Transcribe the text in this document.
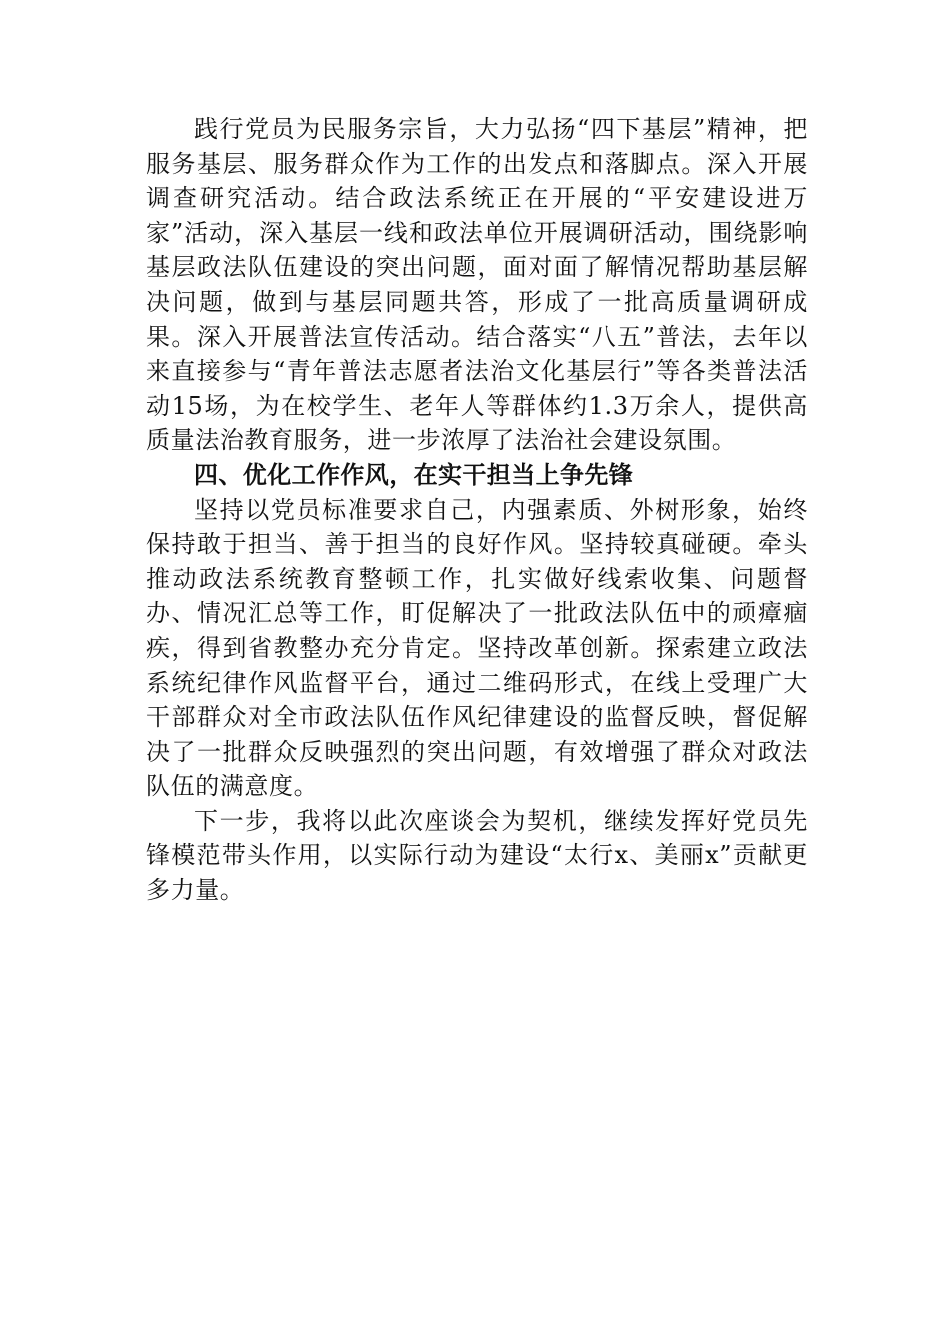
践行党员为民服务宗旨，大力弘扬“四下基层”精神，把服务基层、服务群众作为工作的出发点和落脚点。深入开展调查研究活动。结合政法系统正在开展的“平安建设进万家”活动，深入基层一线和政法单位开展调研活动，围绕影响基层政法队伍建设的突出问题，面对面了解情况帮助基层解决问题，做到与基层同题共答，形成了一批高质量调研成果。深入开展普法宣传活动。结合落实“八五”普法，去年以来直接参与“青年普法志愿者法治文化基层行”等各类普法活动15场，为在校学生、老年人等群体约1.3万余人，提供高质量法治教育服务，进一步浓厚了法治社会建设氛围。

四、优化工作作风，在实干担当上争先锋

坚持以党员标准要求自己，内强素质、外树形象，始终保持敢于担当、善于担当的良好作风。坚持较真碰硬。牵头推动政法系统教育整顿工作，扎实做好线索收集、问题督办、情况汇总等工作，盯促解决了一批政法队伍中的顽瘴痼疾，得到省教整办充分肯定。坚持改革创新。探索建立政法系统纪律作风监督平台，通过二维码形式，在线上受理广大干部群众对全市政法队伍作风纪律建设的监督反映，督促解决了一批群众反映强烈的突出问题，有效增强了群众对政法队伍的满意度。

下一步，我将以此次座谈会为契机，继续发挥好党员先锋模范带头作用，以实际行动为建设“太行x、美丽x”贡献更多力量。
